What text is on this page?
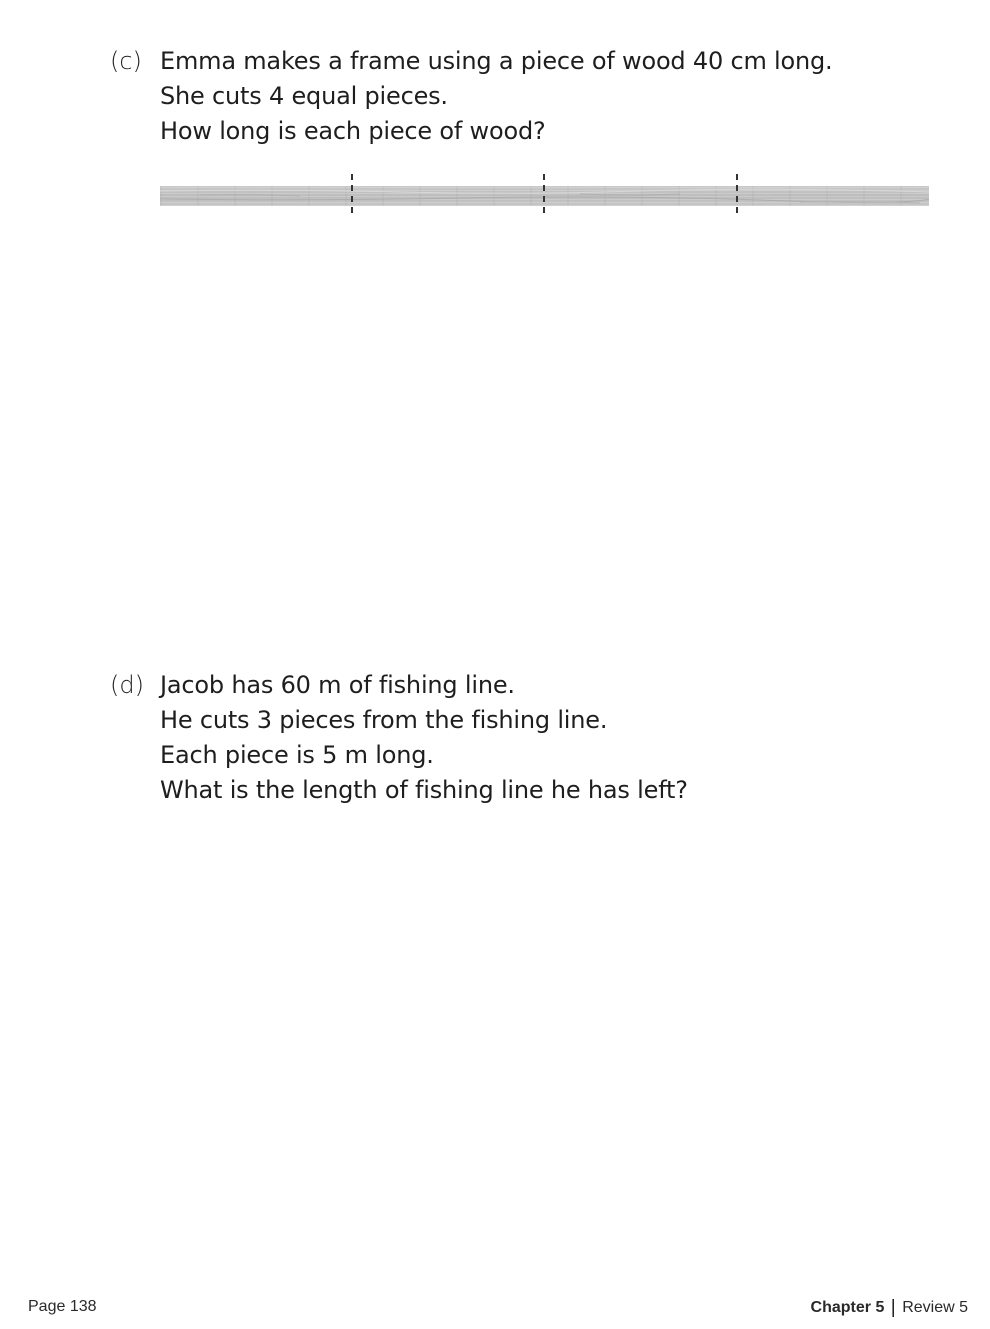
(c) Emma makes a frame using a piece of wood 40 cm long.
She cuts 4 equal pieces.
How long is each piece of wood?
(d) Jacob has 60 m of fishing line.
He cuts 3 pieces from the fishing line.
Each piece is 5 m long.
What is the length of fishing line he has left?
Page 138	Chapter 5 | Review 5
